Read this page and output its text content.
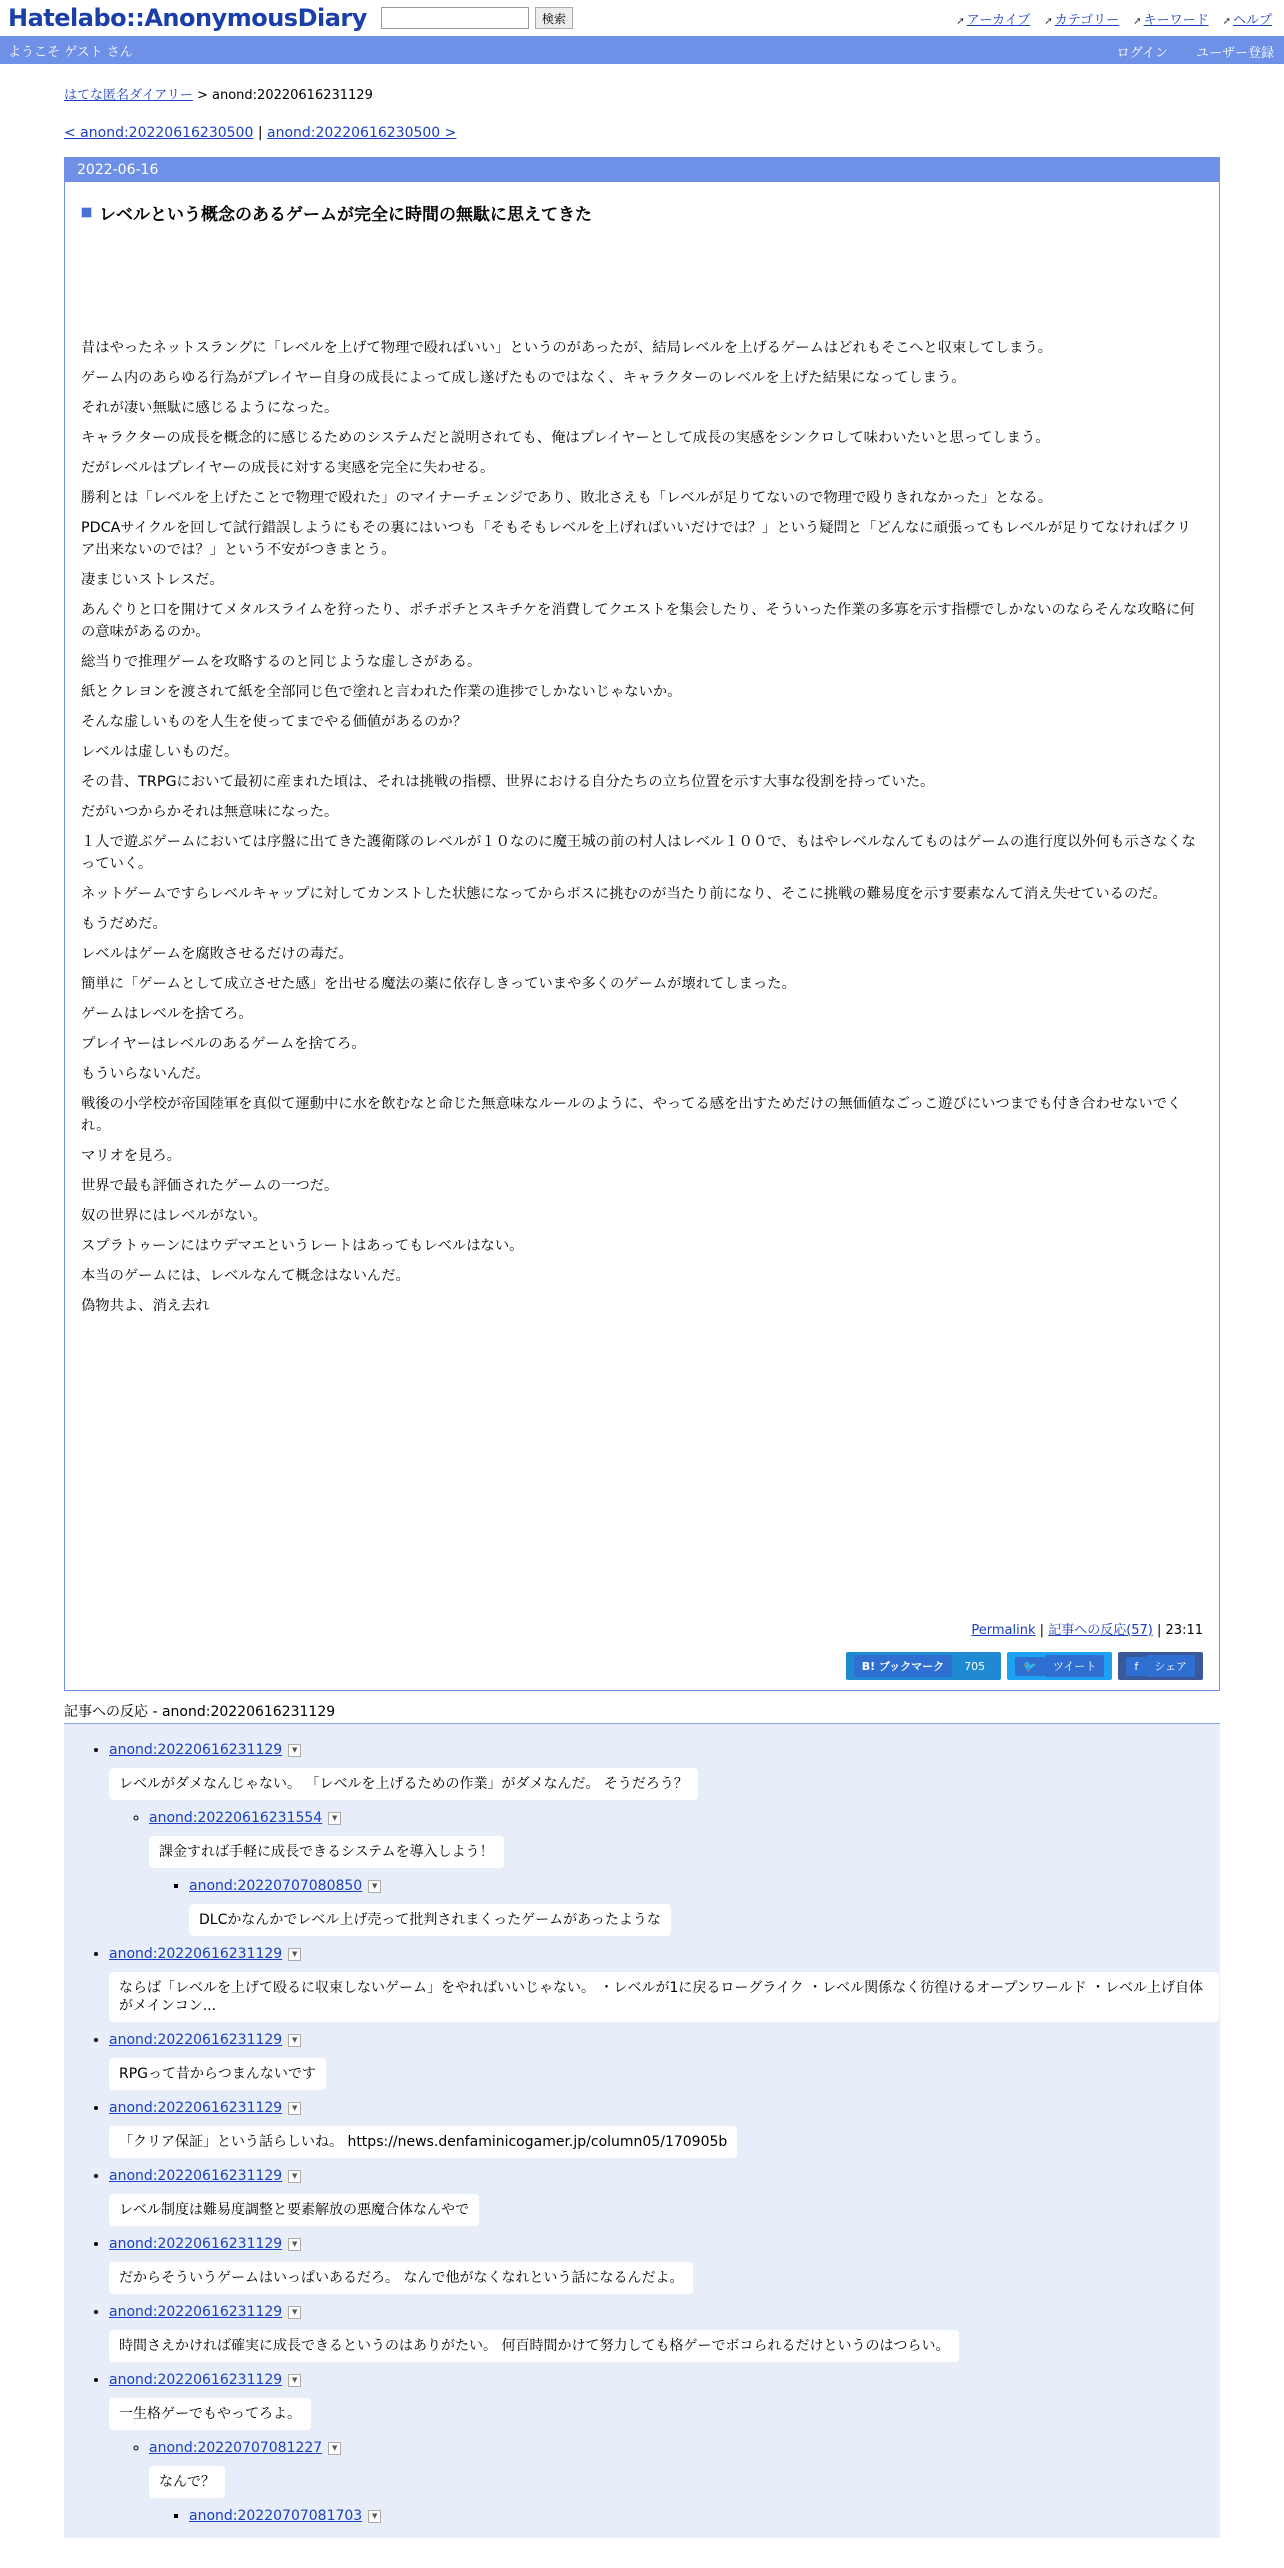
Hatelabo::AnonymousDiary	検索	➚ アーカイブ ➚ カテゴリー ➚ キーワード ➚ ヘルプ
ようこそ ゲスト さん	ログイン ユーザー登録
はてな匿名ダイアリー > anond:20220616231129
< anond:20220616230500 | anond:20220616230500 >
2022-06-16
レベルという概念のあるゲームが完全に時間の無駄に思えてきた

昔はやったネットスラングに「レベルを上げて物理で殴ればいい」というのがあったが、結局レベルを上げるゲームはどれもそこへと収束してしまう。

ゲーム内のあらゆる行為がプレイヤー自身の成長によって成し遂げたものではなく、キャラクターのレベルを上げた結果になってしまう。

それが凄い無駄に感じるようになった。

キャラクターの成長を概念的に感じるためのシステムだと説明されても、俺はプレイヤーとして成長の実感をシンクロして味わいたいと思ってしまう。

だがレベルはプレイヤーの成長に対する実感を完全に失わせる。

勝利とは「レベルを上げたことで物理で殴れた」のマイナーチェンジであり、敗北さえも「レベルが足りてないので物理で殴りきれなかった」となる。

PDCAサイクルを回して試行錯誤しようにもその裏にはいつも「そもそもレベルを上げればいいだけでは？」という疑問と「どんなに頑張ってもレベルが足りてなければクリア出来ないのでは？」という不安がつきまとう。

凄まじいストレスだ。

あんぐりと口を開けてメタルスライムを狩ったり、ポチポチとスキチケを消費してクエストを集会したり、そういった作業の多寡を示す指標でしかないのならそんな攻略に何の意味があるのか。

総当りで推理ゲームを攻略するのと同じような虚しさがある。

紙とクレヨンを渡されて紙を全部同じ色で塗れと言われた作業の進捗でしかないじゃないか。

そんな虚しいものを人生を使ってまでやる価値があるのか？

レベルは虚しいものだ。

その昔、TRPGにおいて最初に産まれた頃は、それは挑戦の指標、世界における自分たちの立ち位置を示す大事な役割を持っていた。

だがいつからかそれは無意味になった。

１人で遊ぶゲームにおいては序盤に出てきた護衛隊のレベルが１０なのに魔王城の前の村人はレベル１００で、もはやレベルなんてものはゲームの進行度以外何も示さなくなっていく。

ネットゲームですらレベルキャップに対してカンストした状態になってからボスに挑むのが当たり前になり、そこに挑戦の難易度を示す要素なんて消え失せているのだ。

もうだめだ。

レベルはゲームを腐敗させるだけの毒だ。

簡単に「ゲームとして成立させた感」を出せる魔法の薬に依存しきっていまや多くのゲームが壊れてしまった。

ゲームはレベルを捨てろ。

プレイヤーはレベルのあるゲームを捨てろ。

もういらないんだ。

戦後の小学校が帝国陸軍を真似て運動中に水を飲むなと命じた無意味なルールのように、やってる感を出すためだけの無価値なごっこ遊びにいつまでも付き合わせないでくれ。

マリオを見ろ。

世界で最も評価されたゲームの一つだ。

奴の世界にはレベルがない。

スプラトゥーンにはウデマエというレートはあってもレベルはない。

本当のゲームには、レベルなんて概念はないんだ。

偽物共よ、消え去れ

Permalink | 記事への反応(57) | 23:11
B! ブックマーク 705	🐦ツイート	fシェア
記事への反応 - anond:20220616231129
• anond:20220616231129 ▼
レベルがダメなんじゃない。 「レベルを上げるための作業」がダメなんだ。 そうだろう？
◦ anond:20220616231554 ▼
課金すれば手軽に成長できるシステムを導入しよう！
▪ anond:20220707080850 ▼
DLCかなんかでレベル上げ売って批判されまくったゲームがあったような
• anond:20220616231129 ▼
ならば「レベルを上げて殴るに収束しないゲーム」をやればいいじゃない。 ・レベルが1に戻るローグライク ・レベル関係なく彷徨けるオープンワールド ・レベル上げ自体がメインコン...
• anond:20220616231129 ▼
RPGって昔からつまんないです
• anond:20220616231129 ▼
「クリア保証」という話らしいね。 https://news.denfaminicogamer.jp/column05/170905b
• anond:20220616231129 ▼
レベル制度は難易度調整と要素解放の悪魔合体なんやで
• anond:20220616231129 ▼
だからそういうゲームはいっぱいあるだろ。 なんで他がなくなれという話になるんだよ。
• anond:20220616231129 ▼
時間さえかければ確実に成長できるというのはありがたい。 何百時間かけて努力しても格ゲーでボコられるだけというのはつらい。
• anond:20220616231129 ▼
一生格ゲーでもやってろよ。
◦ anond:20220707081227 ▼
なんで？
▪ anond:20220707081703 ▼
